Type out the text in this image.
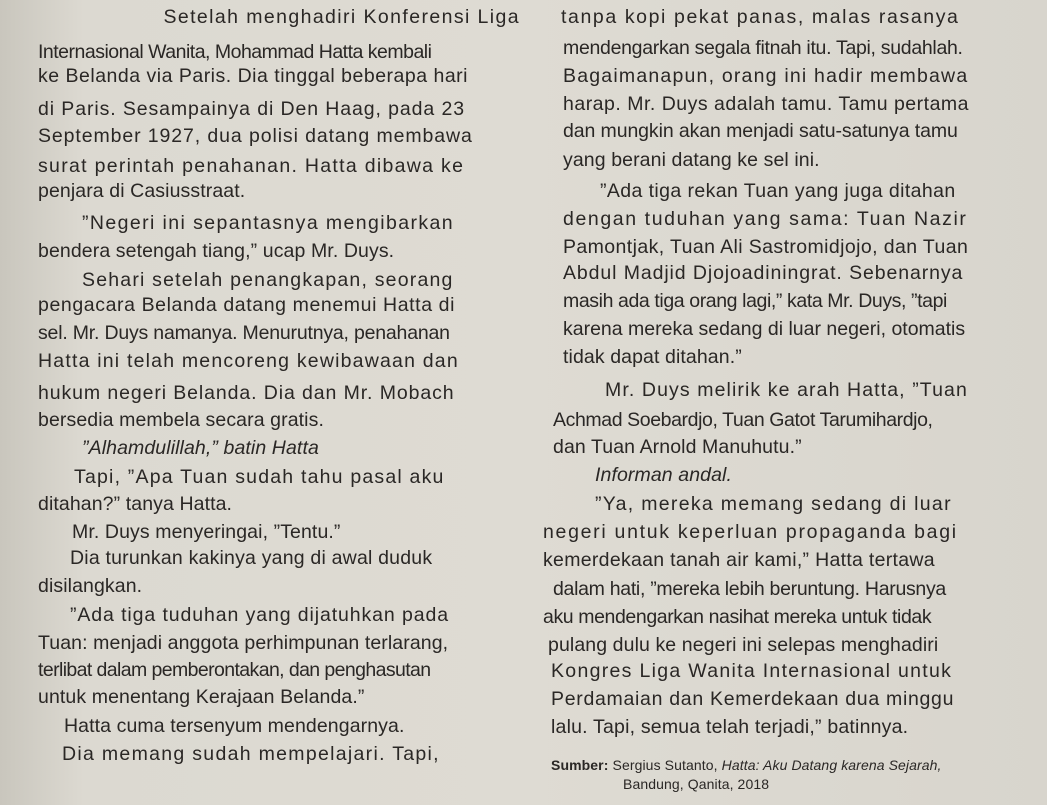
Setelah menghadiri Konferensi Liga
Internasional Wanita, Mohammad Hatta kembali
ke Belanda via Paris. Dia tinggal beberapa hari
di Paris. Sesampainya di Den Haag, pada 23
September 1927, dua polisi datang membawa
surat perintah penahanan. Hatta dibawa ke
penjara di Casiusstraat.
”Negeri ini sepantasnya mengibarkan
bendera setengah tiang,” ucap Mr. Duys.
Sehari setelah penangkapan, seorang
pengacara Belanda datang menemui Hatta di
sel. Mr. Duys namanya. Menurutnya, penahanan
Hatta ini telah mencoreng kewibawaan dan
hukum negeri Belanda. Dia dan Mr. Mobach
bersedia membela secara gratis.
”Alhamdulillah,” batin Hatta
Tapi, ”Apa Tuan sudah tahu pasal aku
ditahan?” tanya Hatta.
Mr. Duys menyeringai, ”Tentu.”
Dia turunkan kakinya yang di awal duduk
disilangkan.
”Ada tiga tuduhan yang dijatuhkan pada
Tuan: menjadi anggota perhimpunan terlarang,
terlibat dalam pemberontakan, dan penghasutan
untuk menentang Kerajaan Belanda.”
Hatta cuma tersenyum mendengarnya.
Dia memang sudah mempelajari. Tapi,
tanpa kopi pekat panas, malas rasanya
mendengarkan segala fitnah itu. Tapi, sudahlah.
Bagaimanapun, orang ini hadir membawa
harap. Mr. Duys adalah tamu. Tamu pertama
dan mungkin akan menjadi satu-satunya tamu
yang berani datang ke sel ini.
”Ada tiga rekan Tuan yang juga ditahan
dengan tuduhan yang sama: Tuan Nazir
Pamontjak, Tuan Ali Sastromidjojo, dan Tuan
Abdul Madjid Djojoadiningrat. Sebenarnya
masih ada tiga orang lagi,” kata Mr. Duys, ”tapi
karena mereka sedang di luar negeri, otomatis
tidak dapat ditahan.”
Mr. Duys melirik ke arah Hatta, ”Tuan
Achmad Soebardjo, Tuan Gatot Tarumihardjo,
dan Tuan Arnold Manuhutu.”
Informan andal.
”Ya, mereka memang sedang di luar
negeri untuk keperluan propaganda bagi
kemerdekaan tanah air kami,” Hatta tertawa
dalam hati, ”mereka lebih beruntung. Harusnya
aku mendengarkan nasihat mereka untuk tidak
pulang dulu ke negeri ini selepas menghadiri
Kongres Liga Wanita Internasional untuk
Perdamaian dan Kemerdekaan dua minggu
lalu. Tapi, semua telah terjadi,” batinnya.
Sumber: Sergius Sutanto, Hatta: Aku Datang karena Sejarah,
Bandung, Qanita, 2018
